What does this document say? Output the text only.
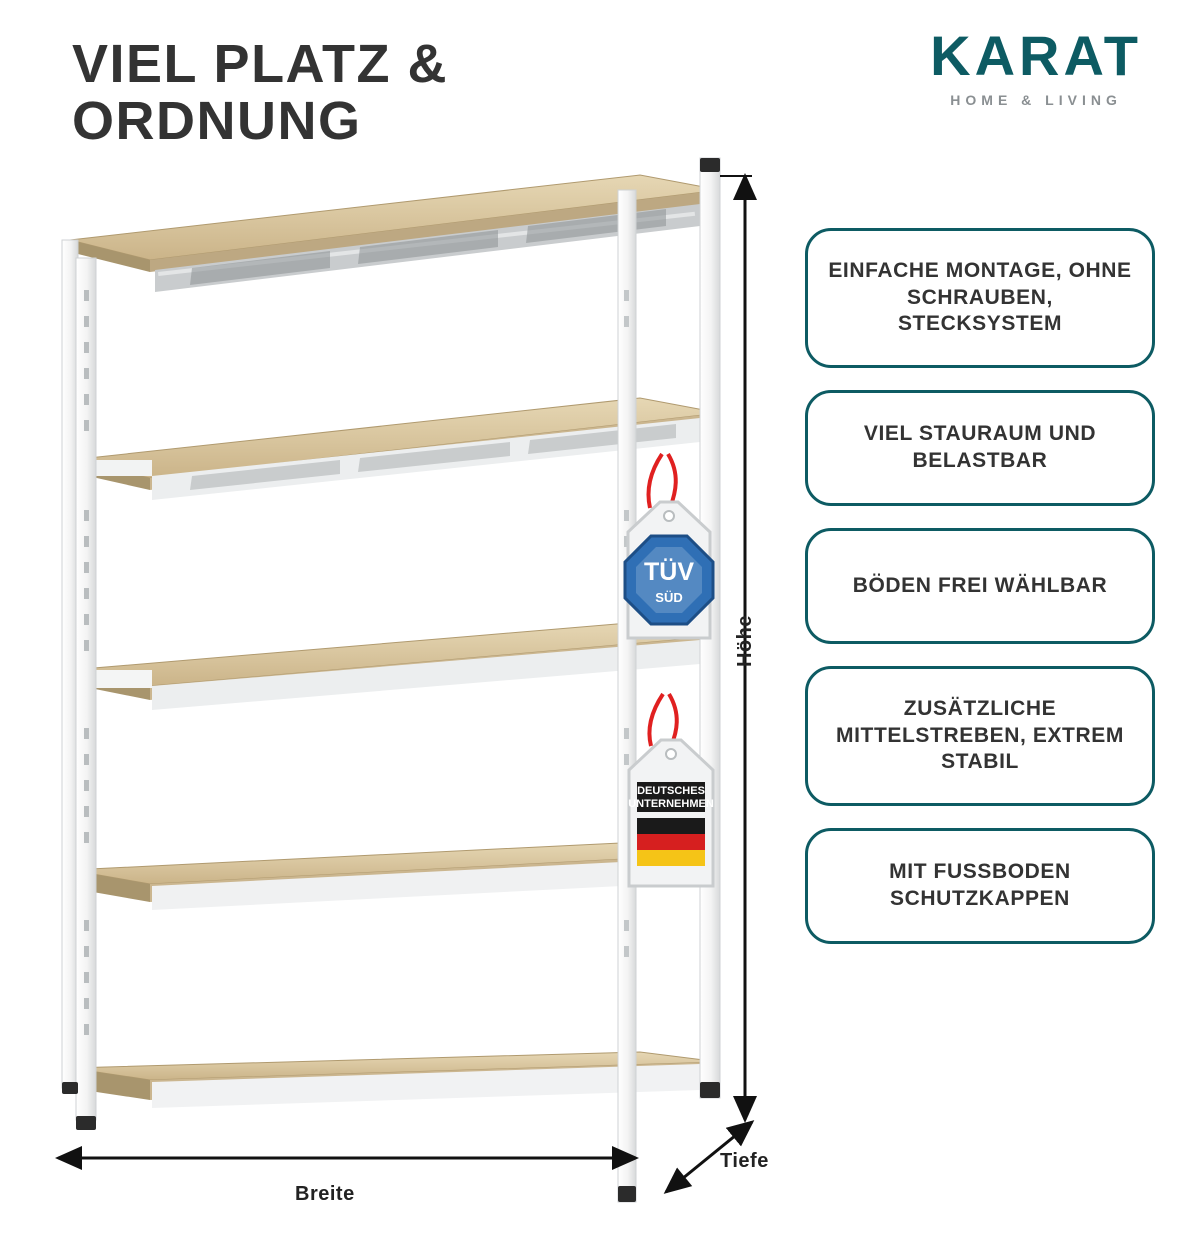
VIEL PLATZ &
ORDNUNG
KARAT
HOME & LIVING
Höhe
Breite
Tiefe
TÜV
SÜD
DEUTSCHES
UNTERNEHMEN
EINFACHE MONTAGE, OHNE SCHRAUBEN, STECKSYSTEM
VIEL STAURAUM UND BELASTBAR
BÖDEN FREI WÄHLBAR
ZUSÄTZLICHE MITTELSTREBEN, EXTREM STABIL
MIT FUSSBODEN SCHUTZKAPPEN
